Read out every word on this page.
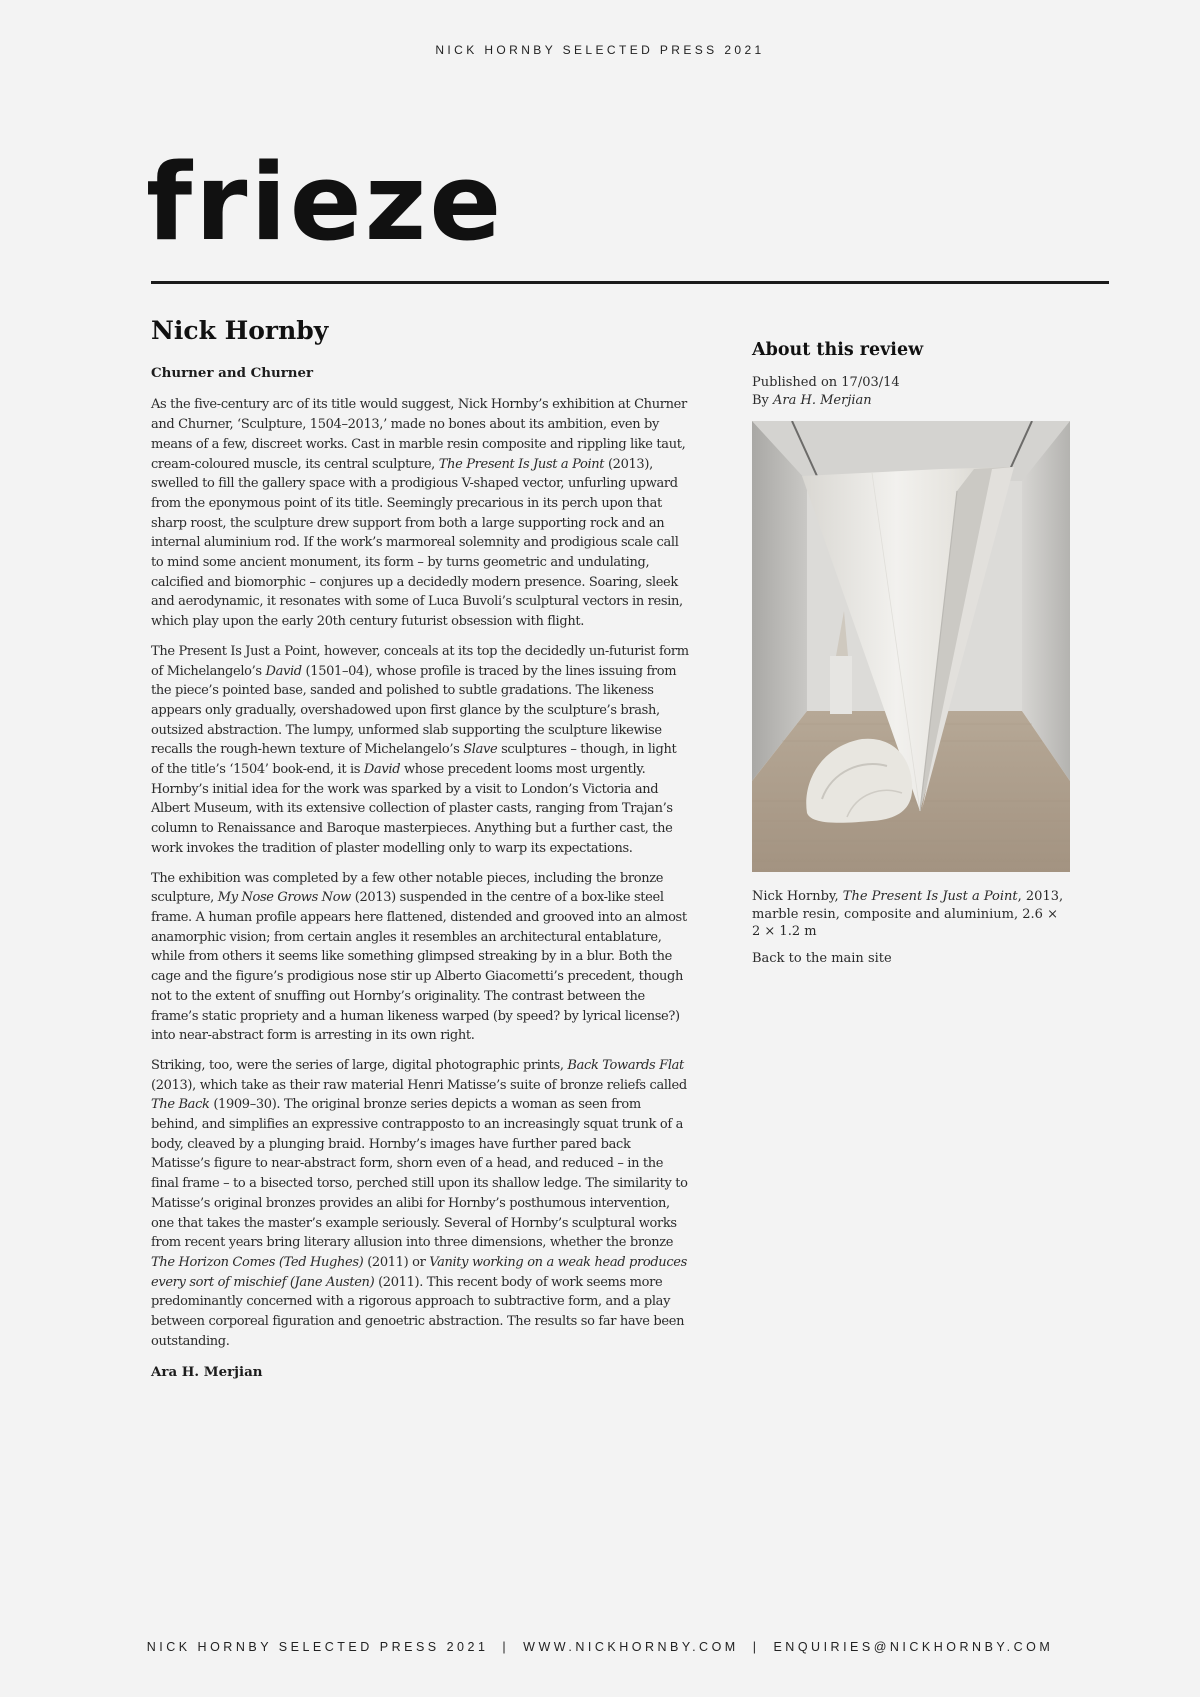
NICK HORNBY SELECTED PRESS 2021
frieze
Nick Hornby

Churner and Churner

As the five-century arc of its title would suggest, Nick Hornby’s exhibition at Churner and Churner, ‘Sculpture, 1504–2013,’ made no bones about its ambition, even by means of a few, discreet works. Cast in marble resin composite and rippling like taut, cream-coloured muscle, its central sculpture, The Present Is Just a Point (2013), swelled to fill the gallery space with a prodigious V-shaped vector, unfurling upward from the eponymous point of its title. Seemingly precarious in its perch upon that sharp roost, the sculpture drew support from both a large supporting rock and an internal aluminium rod. If the work’s marmoreal solemnity and prodigious scale call to mind some ancient monument, its form – by turns geometric and undulating, calcified and biomorphic – conjures up a decidedly modern presence. Soaring, sleek and aerodynamic, it resonates with some of Luca Buvoli’s sculptural vectors in resin, which play upon the early 20th century futurist obsession with flight.

The Present Is Just a Point, however, conceals at its top the decidedly un-futurist form of Michelangelo’s David (1501–04), whose profile is traced by the lines issuing from the piece’s pointed base, sanded and polished to subtle gradations. The likeness appears only gradually, overshadowed upon first glance by the sculpture’s brash, outsized abstraction. The lumpy, unformed slab supporting the sculpture likewise recalls the rough-hewn texture of Michelangelo’s Slave sculptures – though, in light of the title’s ‘1504’ book-end, it is David whose precedent looms most urgently. Hornby’s initial idea for the work was sparked by a visit to London’s Victoria and Albert Museum, with its extensive collection of plaster casts, ranging from Trajan’s column to Renaissance and Baroque masterpieces. Anything but a further cast, the work invokes the tradition of plaster modelling only to warp its expectations.

The exhibition was completed by a few other notable pieces, including the bronze sculpture, My Nose Grows Now (2013) suspended in the centre of a box-like steel frame. A human profile appears here flattened, distended and grooved into an almost anamorphic vision; from certain angles it resembles an architectural entablature, while from others it seems like something glimpsed streaking by in a blur. Both the cage and the figure’s prodigious nose stir up Alberto Giacometti’s precedent, though not to the extent of snuffing out Hornby’s originality. The contrast between the frame’s static propriety and a human likeness warped (by speed? by lyrical license?) into near-abstract form is arresting in its own right.

Striking, too, were the series of large, digital photographic prints, Back Towards Flat (2013), which take as their raw material Henri Matisse’s suite of bronze reliefs called The Back (1909–30). The original bronze series depicts a woman as seen from behind, and simplifies an expressive contrapposto to an increasingly squat trunk of a body, cleaved by a plunging braid. Hornby’s images have further pared back Matisse’s figure to near-abstract form, shorn even of a head, and reduced – in the final frame – to a bisected torso, perched still upon its shallow ledge. The similarity to Matisse’s original bronzes provides an alibi for Hornby’s posthumous intervention, one that takes the master’s example seriously. Several of Hornby’s sculptural works from recent years bring literary allusion into three dimensions, whether the bronze The Horizon Comes (Ted Hughes) (2011) or Vanity working on a weak head produces every sort of mischief (Jane Austen) (2011). This recent body of work seems more predominantly concerned with a rigorous approach to subtractive form, and a play between corporeal figuration and genoetric abstraction. The results so far have been outstanding.

Ara H. Merjian

About this review

Published on 17/03/14

By Ara H. Merjian

Nick Hornby, The Present Is Just a Point, 2013, marble resin, composite and aluminium, 2.6 × 2 × 1.2 m
Back to the main site
NICK HORNBY SELECTED PRESS 2021 | WWW.NICKHORNBY.COM | ENQUIRIES@NICKHORNBY.COM
